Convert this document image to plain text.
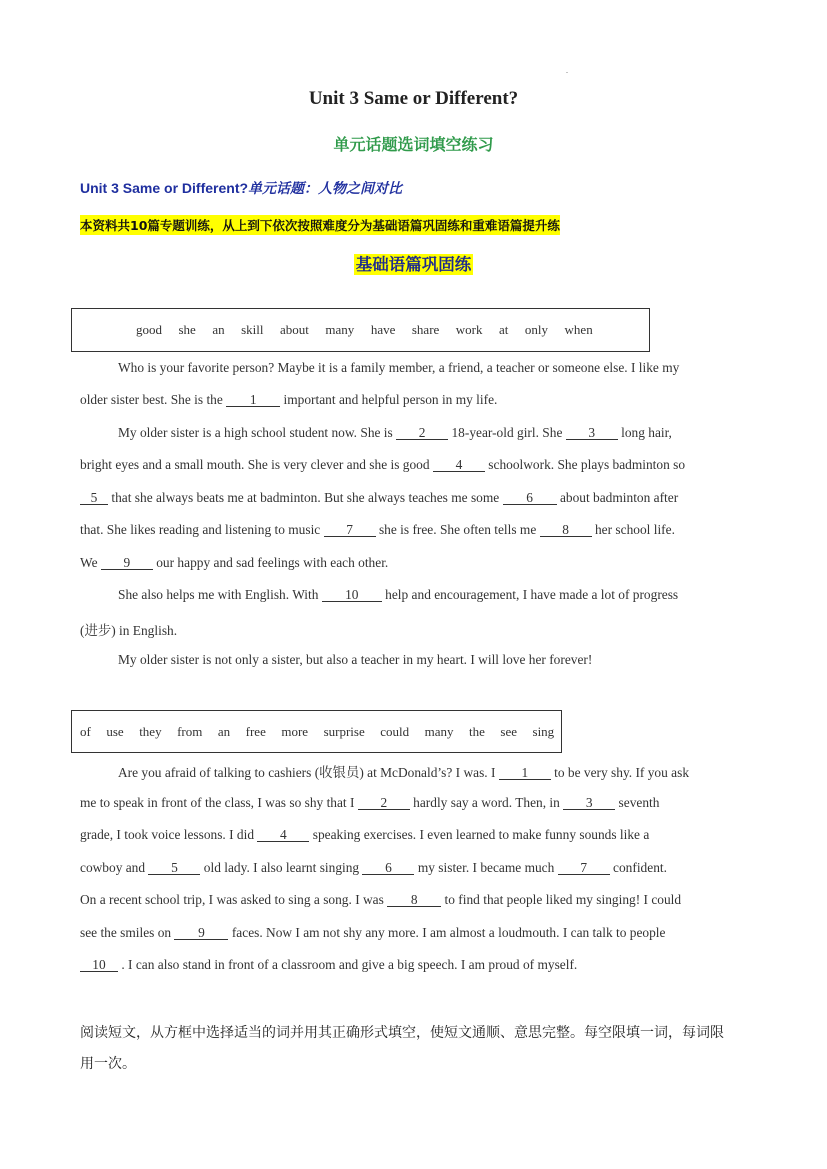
.
Unit 3 Same or Different?
单元话题选词填空练习
Unit 3 Same or Different?单元话题：人物之间对比
本资料共10篇专题训练，从上到下依次按照难度分为基础语篇巩固练和重难语篇提升练
基础语篇巩固练
good she an skill about many have share work at only when
Who is your favorite person? Maybe it is a family member, a friend, a teacher or someone else. I like my
older sister best. She is the 1 important and helpful person in my life.
My older sister is a high school student now. She is 2 18-year-old girl. She 3 long hair,
bright eyes and a small mouth. She is very clever and she is good 4 schoolwork. She plays badminton so
5 that she always beats me at badminton. But she always teaches me some 6 about badminton after
that. She likes reading and listening to music 7 she is free. She often tells me 8 her school life.
We 9 our happy and sad feelings with each other.
She also helps me with English. With 10 help and encouragement, I have made a lot of progress
(进步) in English.
My older sister is not only a sister, but also a teacher in my heart. I will love her forever!
of use they from an free more surprise could many the see sing
Are you afraid of talking to cashiers (收银员) at McDonald’s? I was. I 1 to be very shy. If you ask
me to speak in front of the class, I was so shy that I 2 hardly say a word. Then, in 3 seventh
grade, I took voice lessons. I did 4 speaking exercises. I even learned to make funny sounds like a
cowboy and 5 old lady. I also learnt singing 6 my sister. I became much 7 confident.
On a recent school trip, I was asked to sing a song. I was 8 to find that people liked my singing! I could
see the smiles on 9 faces. Now I am not shy any more. I am almost a loudmouth. I can talk to people
10 . I can also stand in front of a classroom and give a big speech. I am proud of myself.
阅读短文，从方框中选择适当的词并用其正确形式填空，使短文通顺、意思完整。每空限填一词，每词限
用一次。
